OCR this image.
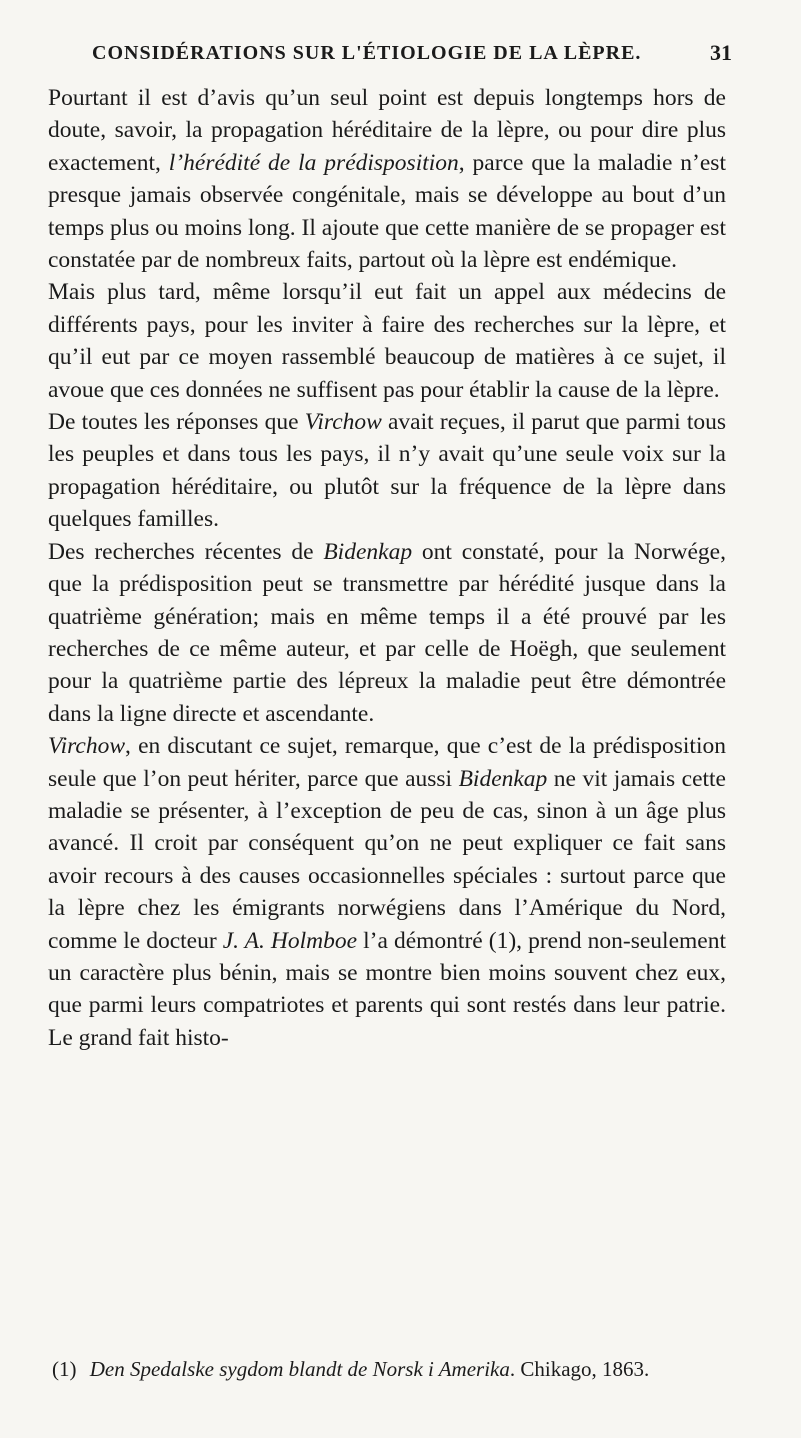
CONSIDÉRATIONS SUR L'ÉTIOLOGIE DE LA LÈPRE.	31

Pourtant il est d’avis qu’un seul point est depuis longtemps hors de doute, savoir, la propagation héréditaire de la lèpre, ou pour dire plus exactement, l’hérédité de la prédisposition, parce que la maladie n’est presque jamais observée congénitale, mais se développe au bout d’un temps plus ou moins long. Il ajoute que cette manière de se propager est constatée par de nombreux faits, partout où la lèpre est endémique.

Mais plus tard, même lorsqu’il eut fait un appel aux médecins de différents pays, pour les inviter à faire des recherches sur la lèpre, et qu’il eut par ce moyen rassemblé beaucoup de matières à ce sujet, il avoue que ces données ne suffisent pas pour établir la cause de la lèpre.

De toutes les réponses que Virchow avait reçues, il parut que parmi tous les peuples et dans tous les pays, il n’y avait qu’une seule voix sur la propagation héréditaire, ou plutôt sur la fréquence de la lèpre dans quelques familles.

Des recherches récentes de Bidenkap ont constaté, pour la Norwége, que la prédisposition peut se transmettre par hérédité jusque dans la quatrième génération; mais en même temps il a été prouvé par les recherches de ce même auteur, et par celle de Hoëgh, que seulement pour la quatrième partie des lépreux la maladie peut être démontrée dans la ligne directe et ascendante.

Virchow, en discutant ce sujet, remarque, que c’est de la prédisposition seule que l’on peut hériter, parce que aussi Bidenkap ne vit jamais cette maladie se présenter, à l’exception de peu de cas, sinon à un âge plus avancé. Il croit par conséquent qu’on ne peut expliquer ce fait sans avoir recours à des causes occasionnelles spéciales : surtout parce que la lèpre chez les émigrants norwégiens dans l’Amérique du Nord, comme le docteur J. A. Holmboe l’a démontré (1), prend non-seulement un caractère plus bénin, mais se montre bien moins souvent chez eux, que parmi leurs compatriotes et parents qui sont restés dans leur patrie. Le grand fait histo-

(1) Den Spedalske sygdom blandt de Norsk i Amerika. Chikago, 1863.
